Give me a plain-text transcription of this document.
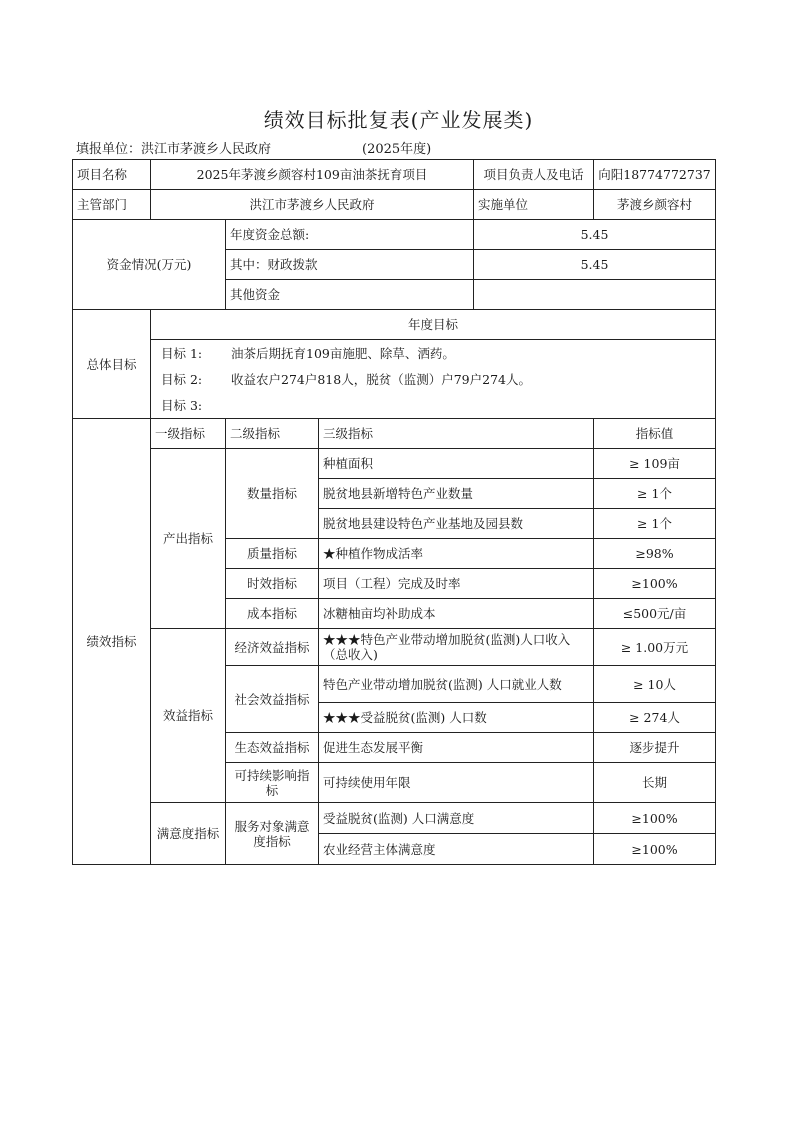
绩效目标批复表(产业发展类)
填报单位：洪江市茅渡乡人民政府	(2025年度)
项目名称	2025年茅渡乡颜容村109亩油茶抚育项目			项目负责人及电话	向阳18774772737
主管部门	洪江市茅渡乡人民政府			实施单位	茅渡乡颜容村
资金情况(万元)		年度资金总额:		5.45	
		其中：财政拨款		5.45	
		其他资金			
总体目标	年度目标				

	目标 1: 油茶后期抚育109亩施肥、除草、洒药。
目标 2: 收益农户274户818人，脱贫（监测）户79户274人。
目标 3:				

绩效指标	一级指标	二级指标	三级指标		指标值
	产出指标	数量指标	种植面积		≥ 109亩
			脱贫地县新增特色产业数量		≥ 1个
			脱贫地县建设特色产业基地及园县数		≥ 1个
		质量指标	★种植作物成活率		≥98%
		时效指标	项目（工程）完成及时率		≥100%
		成本指标	冰糖柚亩均补助成本		≤500元/亩
	效益指标	经济效益指标	★★★特色产业带动增加脱贫(监测)人口收入（总收入)		≥ 1.00万元
		社会效益指标	特色产业带动增加脱贫(监测) 人口就业人数		≥ 10人
			★★★受益脱贫(监测) 人口数		≥ 274人
		生态效益指标	促进生态发展平衡		逐步提升
		可持续影响指标	可持续使用年限		长期
	满意度指标	服务对象满意度指标	受益脱贫(监测) 人口满意度		≥100%
			农业经营主体满意度		≥100%
